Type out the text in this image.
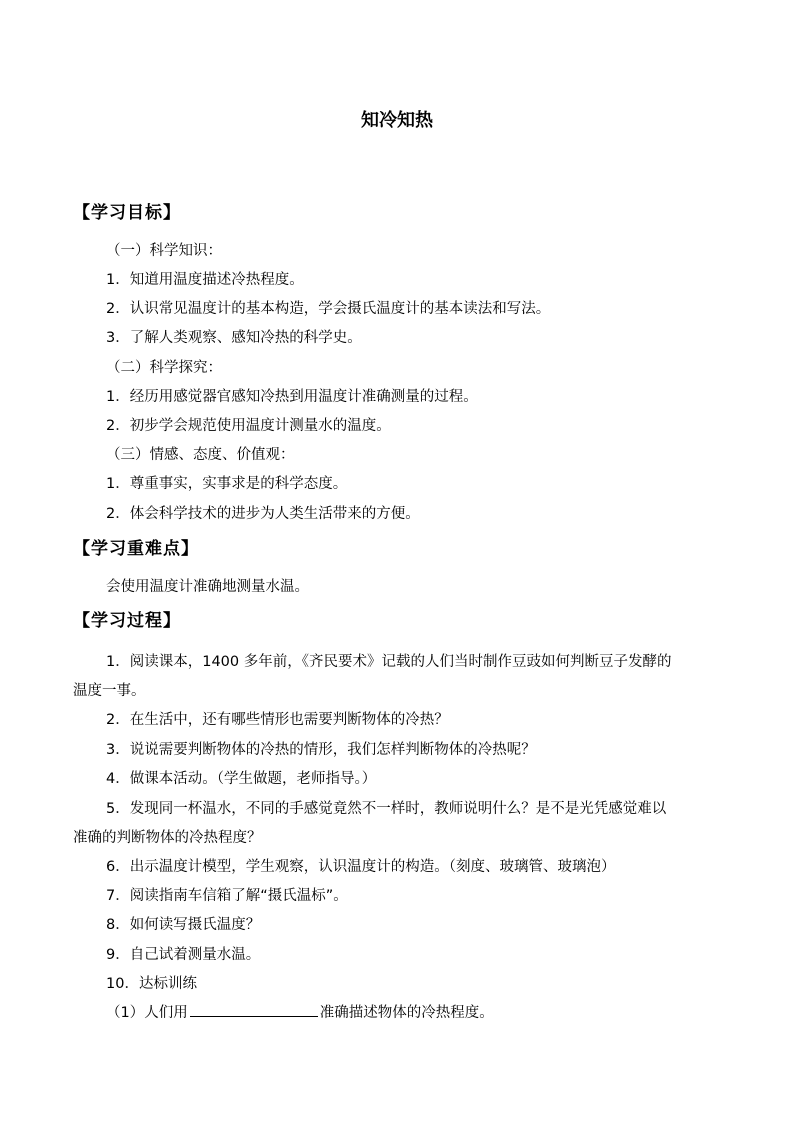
知冷知热
【学习目标】
（一）科学知识：
1．知道用温度描述冷热程度。
2．认识常见温度计的基本构造，学会摄氏温度计的基本读法和写法。
3．了解人类观察、感知冷热的科学史。
（二）科学探究：
1．经历用感觉器官感知冷热到用温度计准确测量的过程。
2．初步学会规范使用温度计测量水的温度。
（三）情感、态度、价值观：
1．尊重事实，实事求是的科学态度。
2．体会科学技术的进步为人类生活带来的方便。
【学习重难点】
会使用温度计准确地测量水温。
【学习过程】
1．阅读课本，1400 多年前，《齐民要术》记载的人们当时制作豆豉如何判断豆子发酵的
温度一事。
2．在生活中，还有哪些情形也需要判断物体的冷热？
3．说说需要判断物体的冷热的情形，我们怎样判断物体的冷热呢？
4．做课本活动。（学生做题，老师指导。）
5．发现同一杯温水，不同的手感觉竟然不一样时，教师说明什么？是不是光凭感觉难以
准确的判断物体的冷热程度？
6．出示温度计模型，学生观察，认识温度计的构造。（刻度、玻璃管、玻璃泡）
7．阅读指南车信箱了解“摄氏温标”。
8．如何读写摄氏温度？
9．自己试着测量水温。
10．达标训练
（1）人们用	准确描述物体的冷热程度。
